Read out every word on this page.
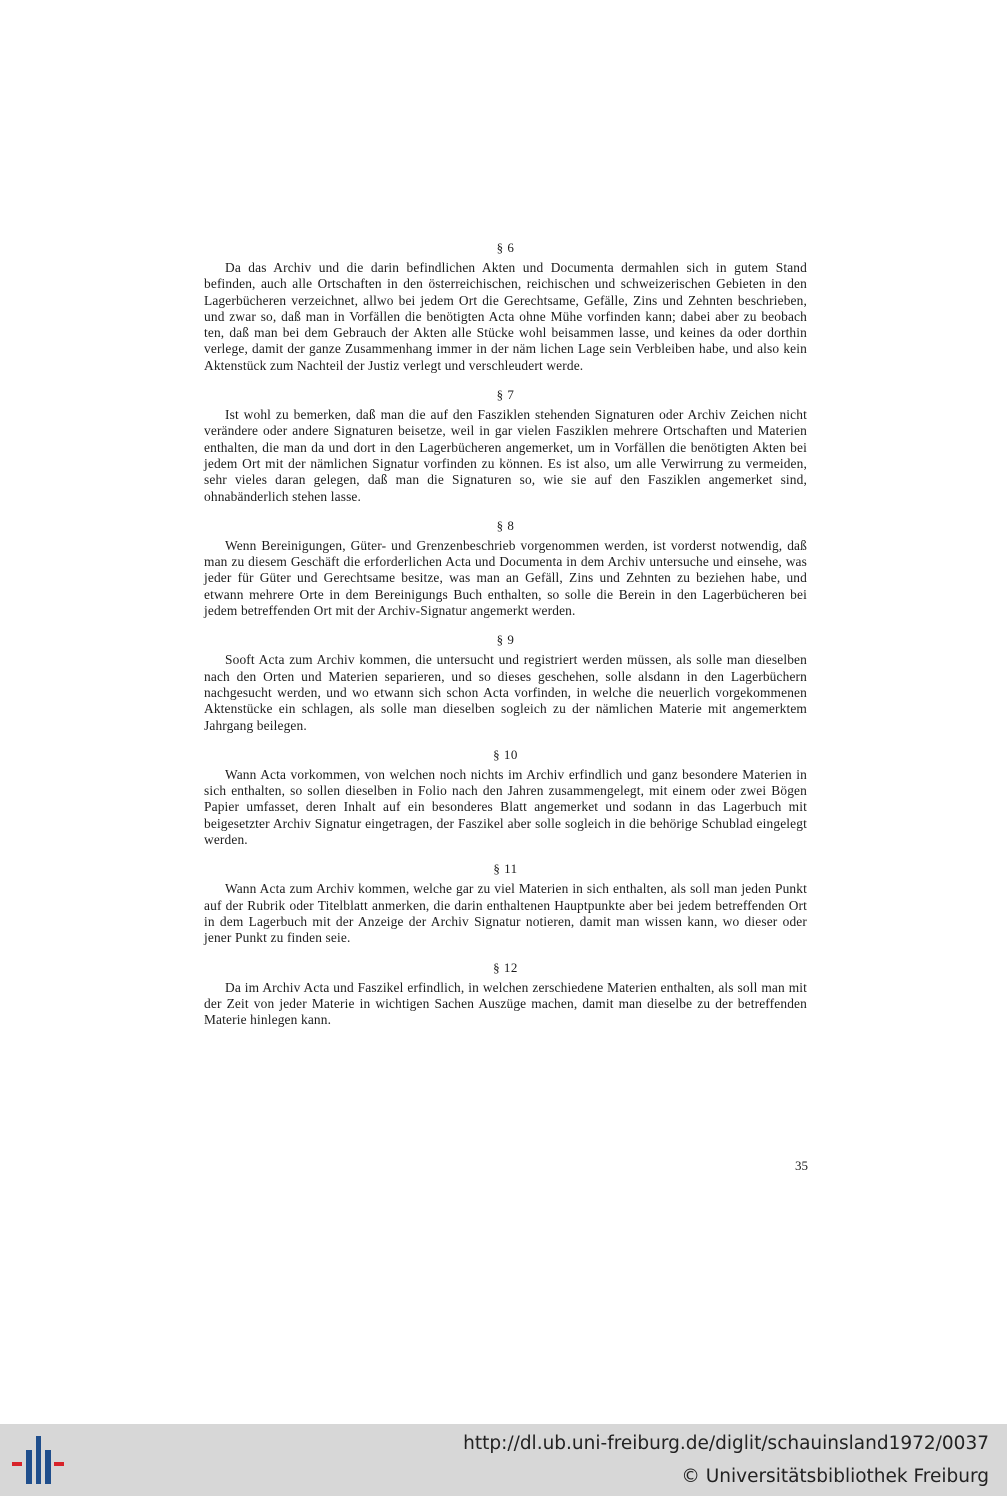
§ 6

Da das Archiv und die darin befindlichen Akten und Documenta dermahlen sich in gutem Stand befinden, auch alle Ortschaften in den österreichischen, reichischen und schweizerischen Gebieten in den Lagerbücheren verzeichnet, allwo bei jedem Ort die Gerechtsame, Gefälle, Zins und Zehnten beschrieben, und zwar so, daß man in Vorfällen die benötigten Acta ohne Mühe vorfinden kann; dabei aber zu beobach ten, daß man bei dem Gebrauch der Akten alle Stücke wohl beisammen lasse, und keines da oder dorthin verlege, damit der ganze Zusammenhang immer in der näm lichen Lage sein Verbleiben habe, und also kein Aktenstück zum Nachteil der Justiz verlegt und verschleudert werde.

§ 7

Ist wohl zu bemerken, daß man die auf den Fasziklen stehenden Signaturen oder Archiv Zeichen nicht verändere oder andere Signaturen beisetze, weil in gar vielen Fasziklen mehrere Ortschaften und Materien enthalten, die man da und dort in den Lagerbücheren angemerket, um in Vorfällen die benötigten Akten bei jedem Ort mit der nämlichen Signatur vorfinden zu können. Es ist also, um alle Verwirrung zu vermeiden, sehr vieles daran gelegen, daß man die Signaturen so, wie sie auf den Fasziklen angemerket sind, ohnabänderlich stehen lasse.

§ 8

Wenn Bereinigungen, Güter- und Grenzenbeschrieb vorgenommen werden, ist vorderst notwendig, daß man zu diesem Geschäft die erforderlichen Acta und Documenta in dem Archiv untersuche und einsehe, was jeder für Güter und Gerechtsame besitze, was man an Gefäll, Zins und Zehnten zu beziehen habe, und etwann mehrere Orte in dem Bereinigungs Buch enthalten, so solle die Berein in den Lagerbücheren bei jedem betreffenden Ort mit der Archiv-Signatur angemerkt werden.

§ 9

Sooft Acta zum Archiv kommen, die untersucht und registriert werden müssen, als solle man dieselben nach den Orten und Materien separieren, und so dieses geschehen, solle alsdann in den Lagerbüchern nachgesucht werden, und wo etwann sich schon Acta vorfinden, in welche die neuerlich vorgekommenen Aktenstücke ein schlagen, als solle man dieselben sogleich zu der nämlichen Materie mit angemerktem Jahrgang beilegen.

§ 10

Wann Acta vorkommen, von welchen noch nichts im Archiv erfindlich und ganz besondere Materien in sich enthalten, so sollen dieselben in Folio nach den Jahren zusammengelegt, mit einem oder zwei Bögen Papier umfasset, deren Inhalt auf ein besonderes Blatt angemerket und sodann in das Lagerbuch mit beigesetzter Archiv Signatur eingetragen, der Faszikel aber solle sogleich in die behörige Schublad eingelegt werden.

§ 11

Wann Acta zum Archiv kommen, welche gar zu viel Materien in sich enthalten, als soll man jeden Punkt auf der Rubrik oder Titelblatt anmerken, die darin enthaltenen Hauptpunkte aber bei jedem betreffenden Ort in dem Lagerbuch mit der Anzeige der Archiv Signatur notieren, damit man wissen kann, wo dieser oder jener Punkt zu finden seie.

§ 12

Da im Archiv Acta und Faszikel erfindlich, in welchen zerschiedene Materien enthalten, als soll man mit der Zeit von jeder Materie in wichtigen Sachen Auszüge machen, damit man dieselbe zu der betreffenden Materie hinlegen kann.

35
http://dl.ub.uni-freiburg.de/diglit/schauinsland1972/0037
© Universitätsbibliothek Freiburg
